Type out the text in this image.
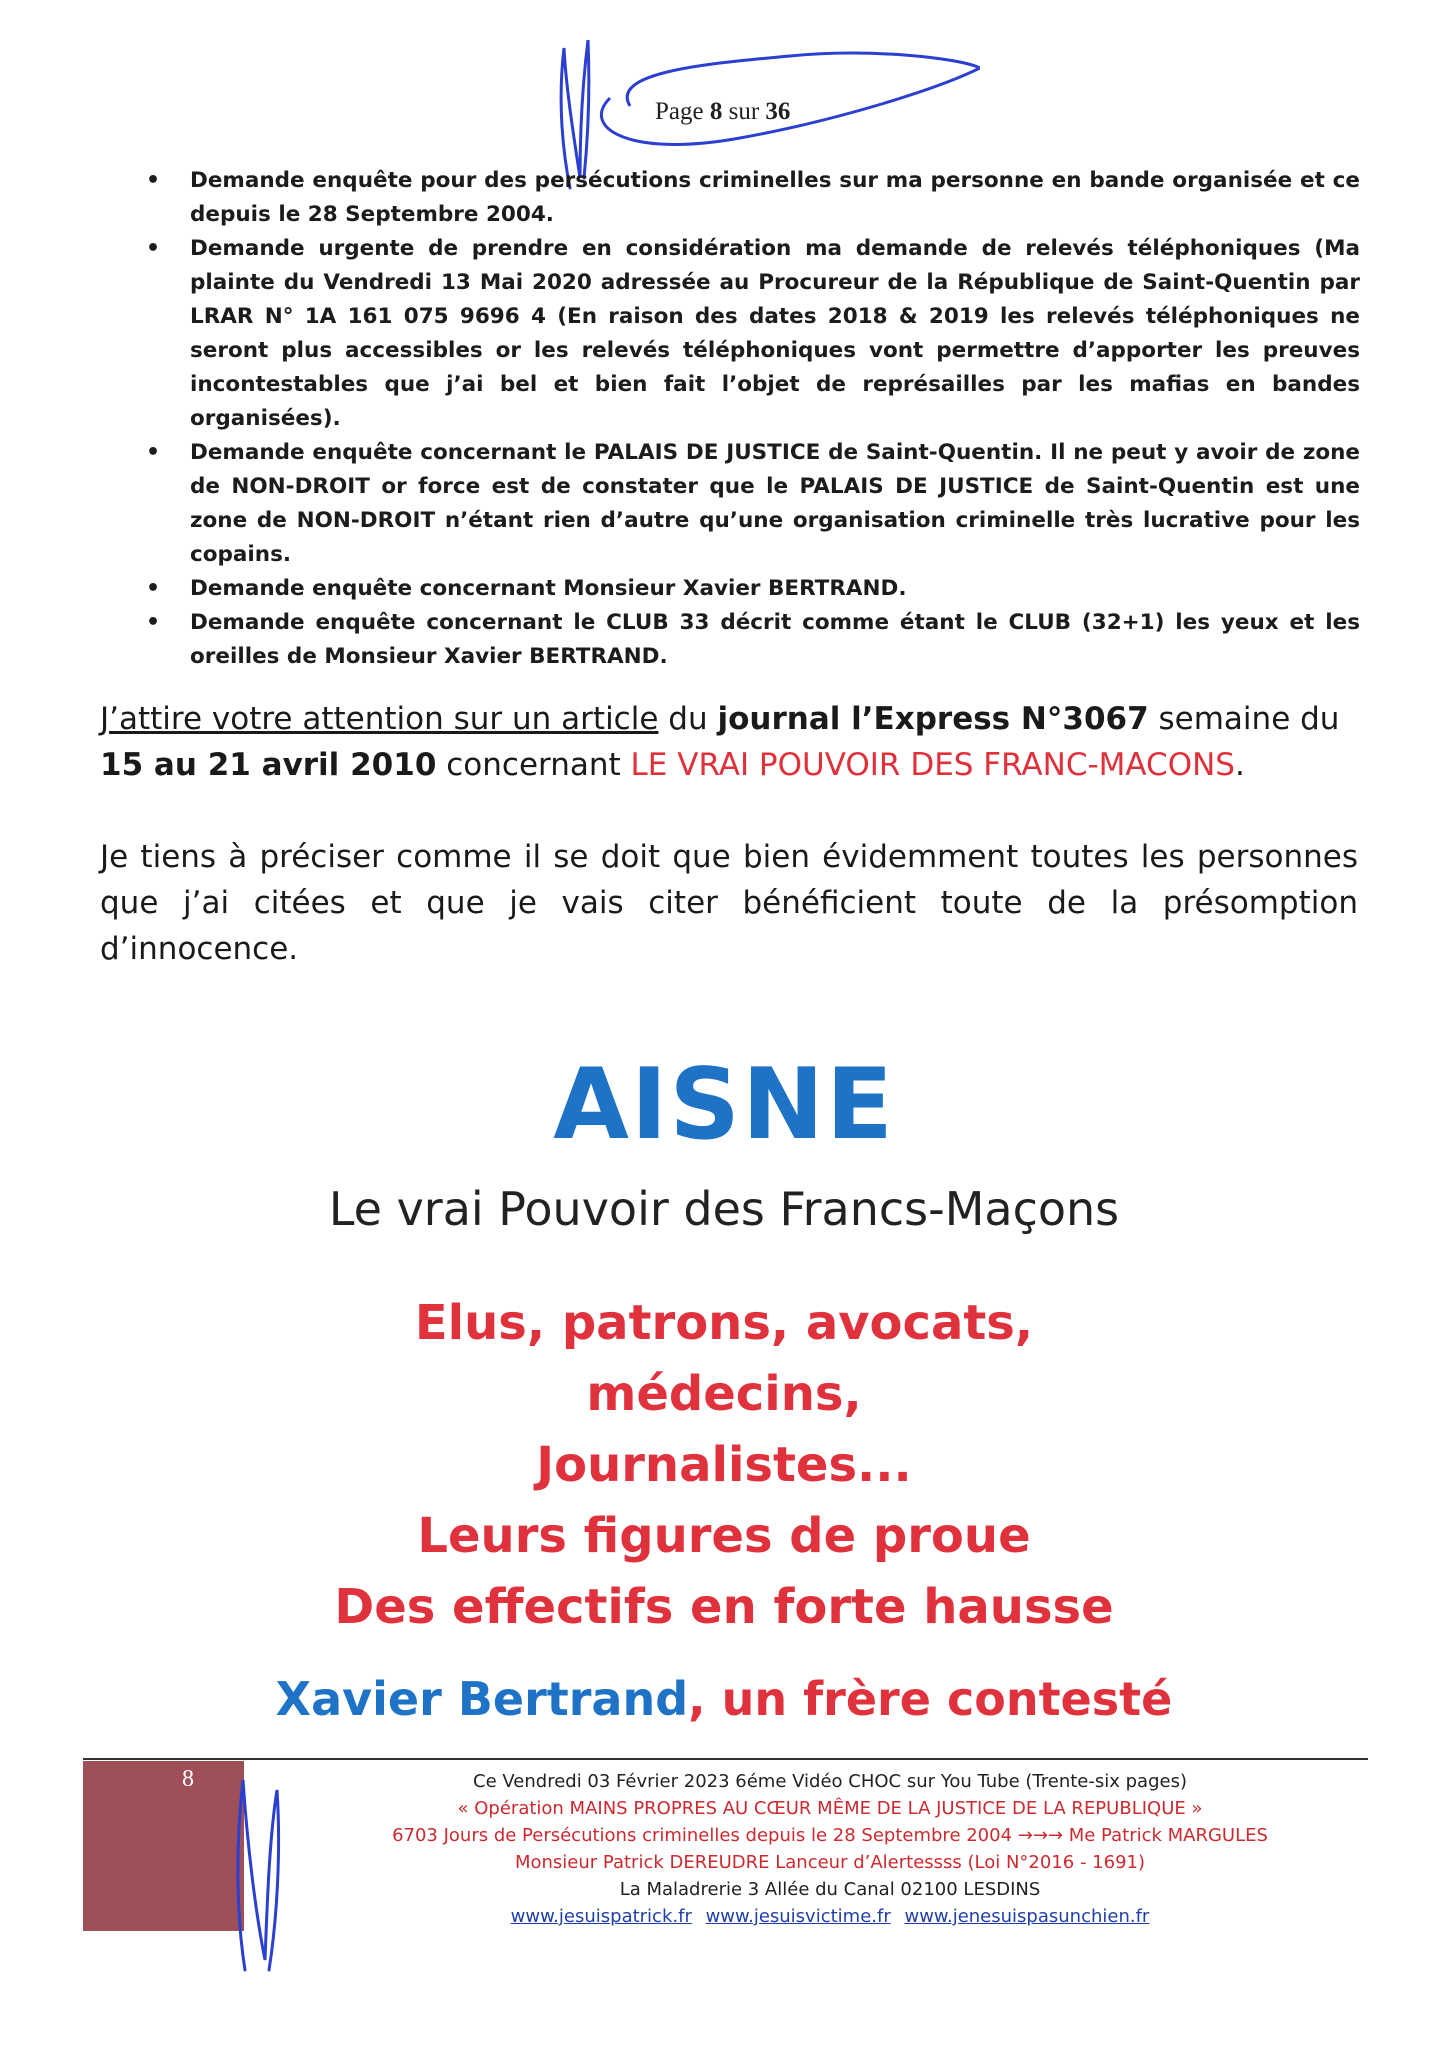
Page 8 sur 36
• Demande enquête pour des persécutions criminelles sur ma personne en bande organisée et ce depuis le 28 Septembre 2004.
• Demande urgente de prendre en considération ma demande de relevés téléphoniques (Ma plainte du Vendredi 13 Mai 2020 adressée au Procureur de la République de Saint-Quentin par LRAR N° 1A 161 075 9696 4 (En raison des dates 2018 & 2019 les relevés téléphoniques ne seront plus accessibles or les relevés téléphoniques vont permettre d’apporter les preuves incontestables que j’ai bel et bien fait l’objet de représailles par les mafias en bandes organisées).
• Demande enquête concernant le PALAIS DE JUSTICE de Saint-Quentin. Il ne peut y avoir de zone de NON-DROIT or force est de constater que le PALAIS DE JUSTICE de Saint-Quentin est une zone de NON-DROIT n’étant rien d’autre qu’une organisation criminelle très lucrative pour les copains.
• Demande enquête concernant Monsieur Xavier BERTRAND.
• Demande enquête concernant le CLUB 33 décrit comme étant le CLUB (32+1) les yeux et les oreilles de Monsieur Xavier BERTRAND.
J’attire votre attention sur un article du journal l’Express N°3067 semaine du 15 au 21 avril 2010 concernant LE VRAI POUVOIR DES FRANC-MACONS.
Je tiens à préciser comme il se doit que bien évidemment toutes les personnes que j’ai citées et que je vais citer bénéficient toute de la présomption d’innocence.
AISNE
Le vrai Pouvoir des Francs-Maçons
Elus, patrons, avocats,
médecins,
Journalistes...
Leurs figures de proue
Des effectifs en forte hausse
Xavier Bertrand, un frère contesté
8	Ce Vendredi 03 Février 2023 6éme Vidéo CHOC sur You Tube (Trente-six pages)
« Opération MAINS PROPRES AU CŒUR MÊME DE LA JUSTICE DE LA REPUBLIQUE »
6703 Jours de Persécutions criminelles depuis le 28 Septembre 2004 →→→ Me Patrick MARGULES
Monsieur Patrick DEREUDRE Lanceur d’Alertessss (Loi N°2016 - 1691)
La Maladrerie 3 Allée du Canal 02100 LESDINS
www.jesuispatrick.fr www.jesuisvictime.fr www.jenesuispasunchien.fr
